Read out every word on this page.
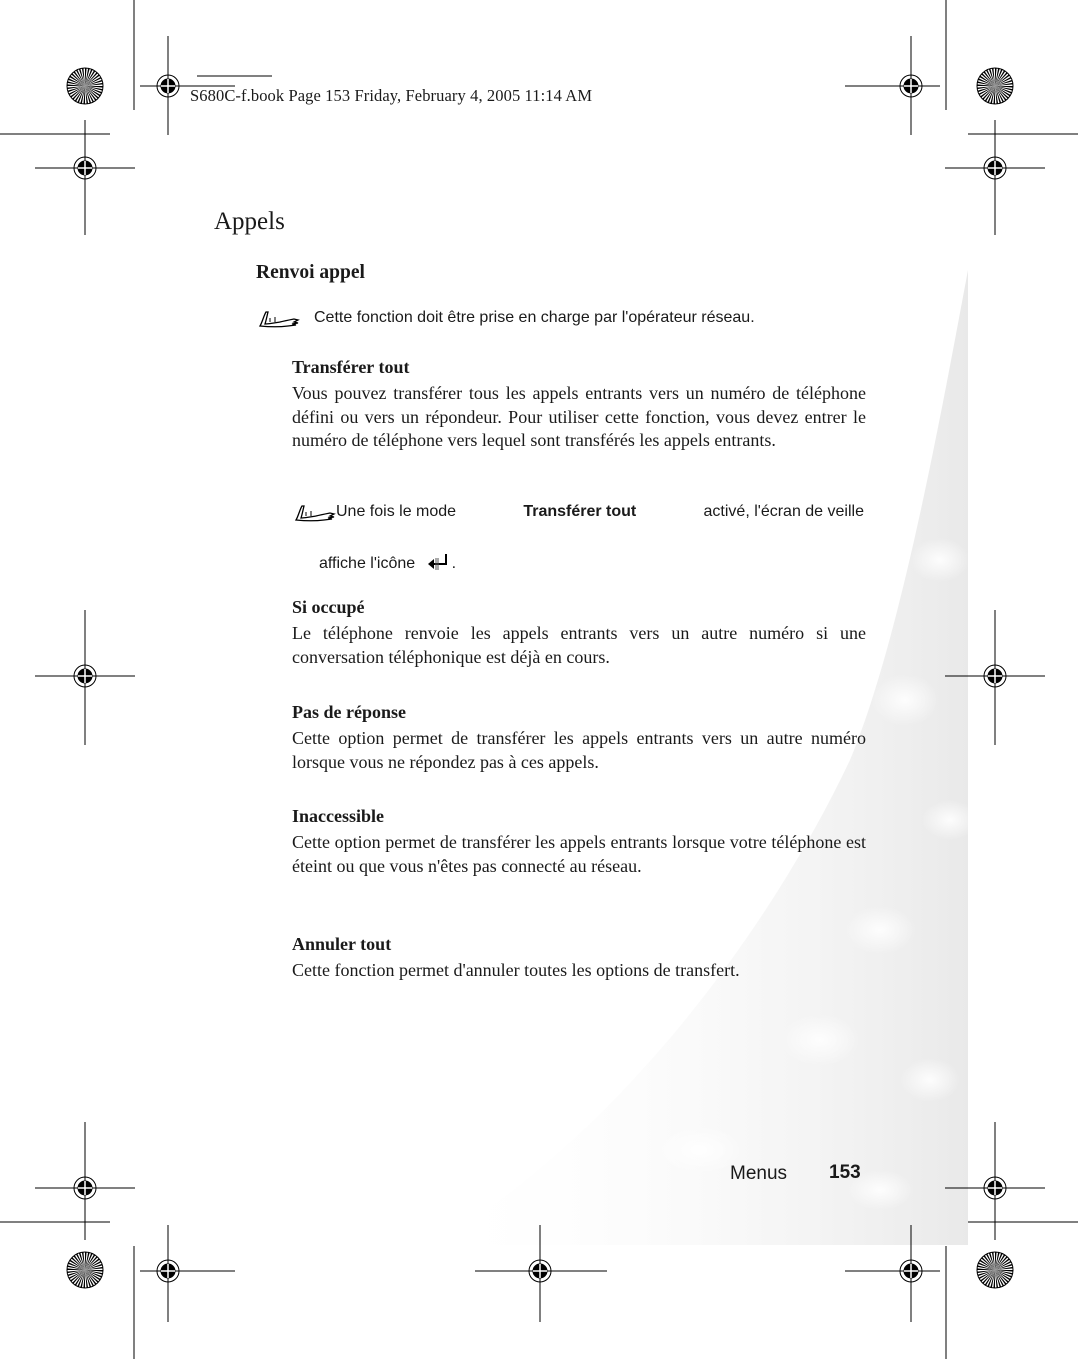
S680C-f.book Page 153 Friday, February 4, 2005 11:14 AM
Appels
Renvoi appel
Cette fonction doit être prise en charge par l'opérateur réseau.
Transférer tout

Vous pouvez transférer tous les appels entrants vers un numéro de téléphone défini ou vers un répondeur. Pour utiliser cette fonction, vous devez entrer le numéro de téléphone vers lequel sont transférés les appels entrants.

Une fois le mode	Transférer tout	activé, l'écran de veille
affiche l'icône .
Si occupé

Le téléphone renvoie les appels entrants vers un autre numéro si une conversation téléphonique est déjà en cours.

Pas de réponse

Cette option permet de transférer les appels entrants vers un autre numéro lorsque vous ne répondez pas à ces appels.

Inaccessible

Cette option permet de transférer les appels entrants lorsque votre téléphone est éteint ou que vous n'êtes pas connecté au réseau.

Annuler tout

Cette fonction permet d'annuler toutes les options de transfert.

Menus 153
